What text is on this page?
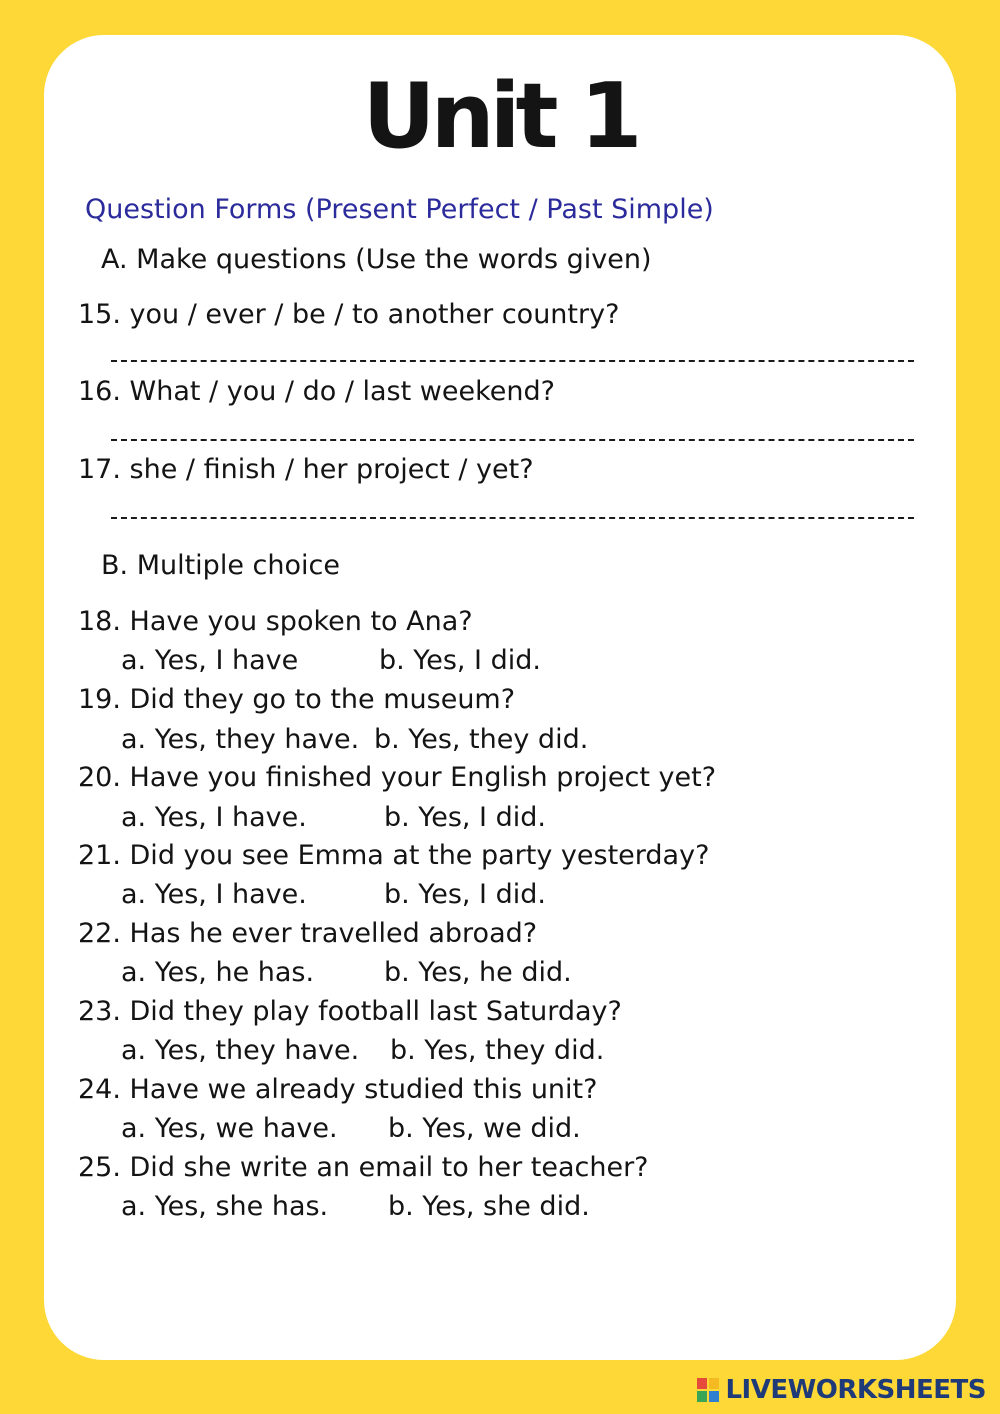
Unit 1
Question Forms (Present Perfect / Past Simple)
A. Make questions (Use the words given)
15. you / ever / be / to another country?
16. What / you / do / last weekend?
17. she / finish / her project / yet?
B. Multiple choice
18. Have you spoken to Ana?
a. Yes, I have	b. Yes, I did.
19. Did they go to the museum?
a. Yes, they have. b. Yes, they did.
20. Have you finished your English project yet?
a. Yes, I have.	b. Yes, I did.
21. Did you see Emma at the party yesterday?
a. Yes, I have.	b. Yes, I did.
22. Has he ever travelled abroad?
a. Yes, he has.	b. Yes, he did.
23. Did they play football last Saturday?
a. Yes, they have. b. Yes, they did.
24. Have we already studied this unit?
a. Yes, we have. b. Yes, we did.
25. Did she write an email to her teacher?
a. Yes, she has. b. Yes, she did.
LIVEWORKSHEETS
